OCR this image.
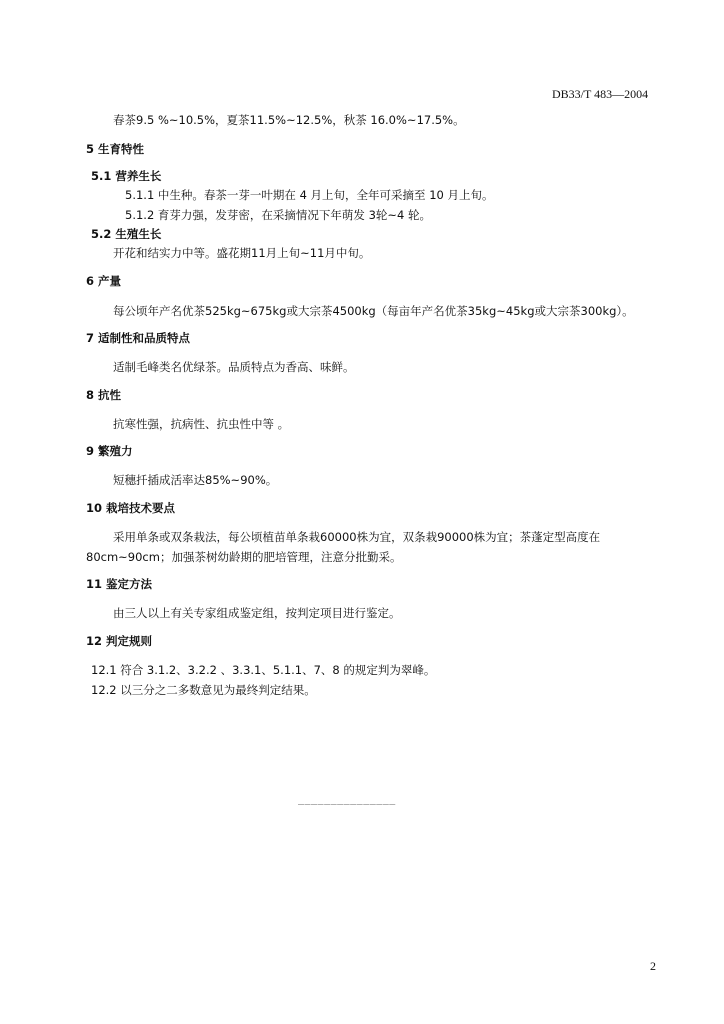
DB33/T 483—2004
春茶9.5 %~10.5%，夏茶11.5%~12.5%，秋茶 16.0%~17.5%。
5 生育特性
5.1 营养生长
5.1.1 中生种。春茶一芽一叶期在 4 月上旬，全年可采摘至 10 月上旬。
5.1.2 育芽力强，发芽密，在采摘情况下年萌发 3轮~4 轮。
5.2 生殖生长
开花和结实力中等。盛花期11月上旬~11月中旬。
6 产量
每公顷年产名优茶525kg~675kg或大宗茶4500kg（每亩年产名优茶35kg~45kg或大宗茶300kg）。
7 适制性和品质特点
适制毛峰类名优绿茶。品质特点为香高、味鲜。
8 抗性
抗寒性强，抗病性、抗虫性中等 。
9 繁殖力
短穗扦插成活率达85%~90%。
10 栽培技术要点
采用单条或双条栽法，每公顷植苗单条栽60000株为宜，双条栽90000株为宜；茶蓬定型高度在
80cm~90cm；加强茶树幼龄期的肥培管理，注意分批勤采。
11 鉴定方法
由三人以上有关专家组成鉴定组，按判定项目进行鉴定。
12 判定规则
12.1 符合 3.1.2、3.2.2 、3.3.1、5.1.1、7、8 的规定判为翠峰。
12.2 以三分之二多数意见为最终判定结果。
_______________
2
